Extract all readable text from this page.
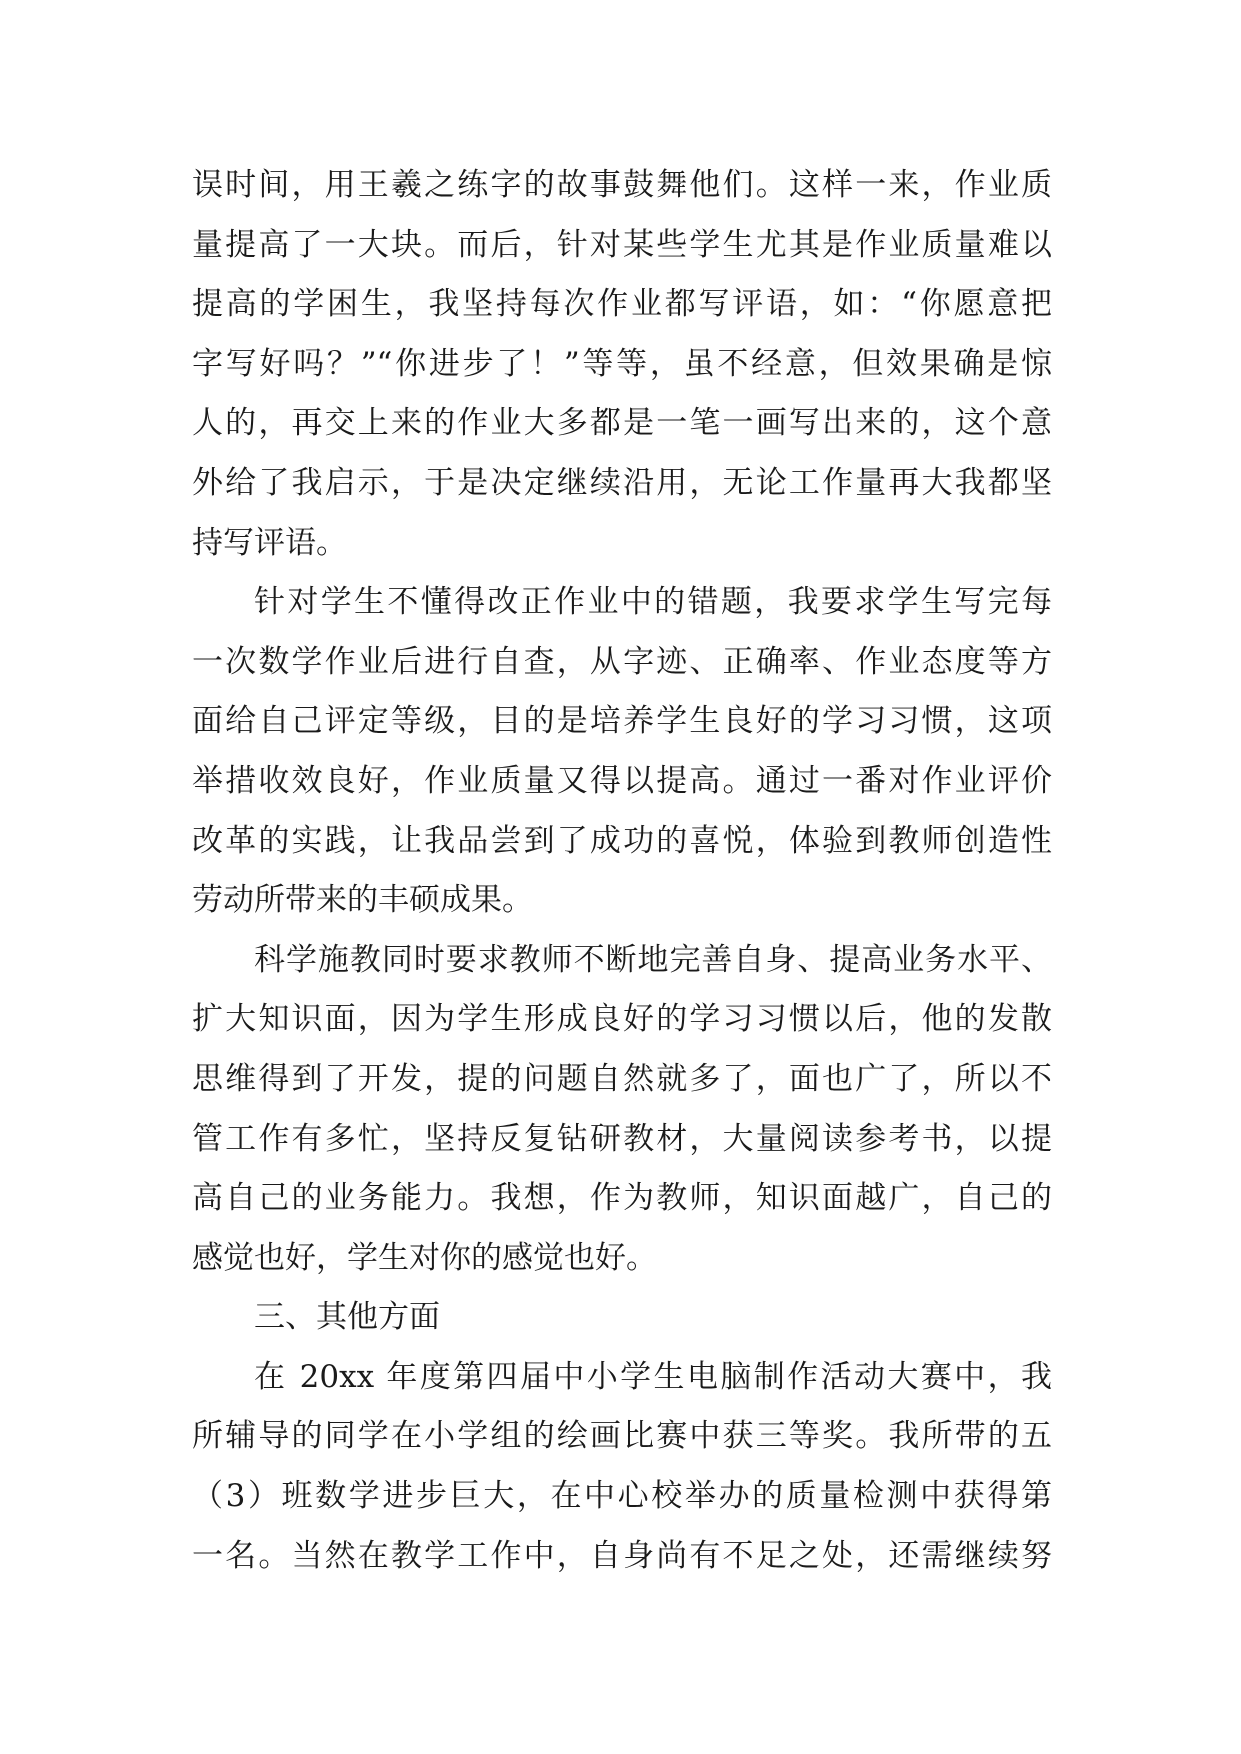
误时间，用王羲之练字的故事鼓舞他们。这样一来，作业质
量提高了一大块。而后，针对某些学生尤其是作业质量难以
提高的学困生，我坚持每次作业都写评语，如：“你愿意把
字写好吗？”“你进步了！”等等，虽不经意，但效果确是惊
人的，再交上来的作业大多都是一笔一画写出来的，这个意
外给了我启示，于是决定继续沿用，无论工作量再大我都坚
持写评语。
针对学生不懂得改正作业中的错题，我要求学生写完每
一次数学作业后进行自查，从字迹、正确率、作业态度等方
面给自己评定等级，目的是培养学生良好的学习习惯，这项
举措收效良好，作业质量又得以提高。通过一番对作业评价
改革的实践，让我品尝到了成功的喜悦，体验到教师创造性
劳动所带来的丰硕成果。
科学施教同时要求教师不断地完善自身、提高业务水平、
扩大知识面，因为学生形成良好的学习习惯以后，他的发散
思维得到了开发，提的问题自然就多了，面也广了，所以不
管工作有多忙，坚持反复钻研教材，大量阅读参考书，以提
高自己的业务能力。我想，作为教师，知识面越广，自己的
感觉也好，学生对你的感觉也好。
三、其他方面
在 20xx 年度第四届中小学生电脑制作活动大赛中，我
所辅导的同学在小学组的绘画比赛中获三等奖。我所带的五
（3）班数学进步巨大，在中心校举办的质量检测中获得第
一名。当然在教学工作中，自身尚有不足之处，还需继续努
